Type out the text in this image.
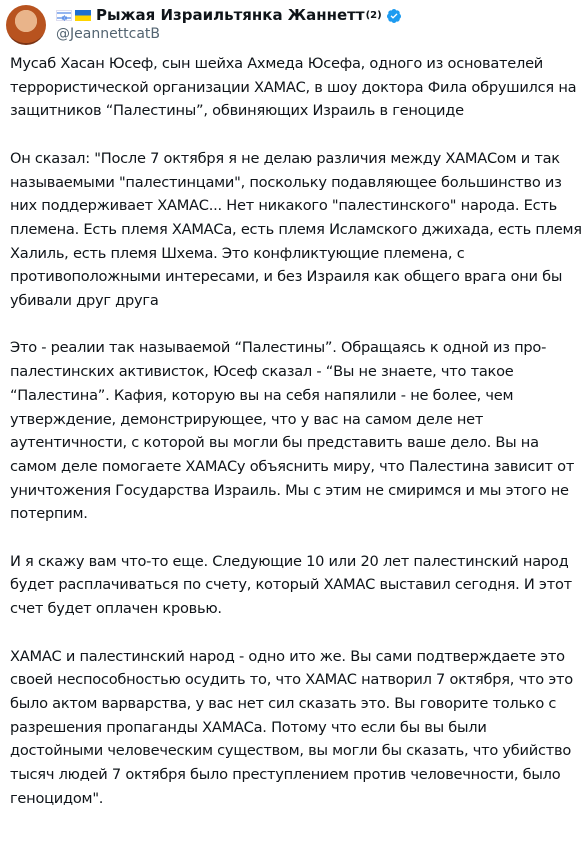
✡
Рыжая Израильтянка Жаннетт (2)
@JeannettcatB

Мусаб Хасан Юсеф, сын шейха Ахмеда Юсефа, одного из основателей террористической организации ХАМАС, в шоу доктора Фила обрушился на защитников “Палестины”, обвиняющих Израиль в геноциде

Он сказал: "После 7 октября я не делаю различия между ХАМАСом и так называемыми "палестинцами", поскольку подавляющее большинство из них поддерживает ХАМАС... Нет никакого "палестинского" народа. Есть племена. Есть племя ХАМАСа, есть племя Исламского джихада, есть племя Халиль, есть племя Шхема. Это конфликтующие племена, с противоположными интересами, и без Израиля как общего врага они бы убивали друг друга

Это - реалии так называемой “Палестины”. Обращаясь к одной из про-палестинских активисток, Юсеф сказал - “Вы не знаете, что такое “Палестина”. Кафия, которую вы на себя напялили - не более, чем утверждение, демонстрирующее, что у вас на самом деле нет аутентичности, с которой вы могли бы представить ваше дело. Вы на самом деле помогаете ХАМАСу объяснить миру, что Палестина зависит от уничтожения Государства Израиль. Мы с этим не смиримся и мы этого не потерпим.

И я скажу вам что-то еще. Следующие 10 или 20 лет палестинский народ будет расплачиваться по счету, который ХАМАС выставил сегодня. И этот счет будет оплачен кровью.

ХАМАС и палестинский народ - одно ито же. Вы сами подтверждаете это своей неспособностью осудить то, что ХАМАС натворил 7 октября, что это было актом варварства, у вас нет сил сказать это. Вы говорите только с разрешения пропаганды ХАМАСа. Потому что если бы вы были достойными человеческим существом, вы могли бы сказать, что убийство тысяч людей 7 октября было преступлением против человечности, было геноцидом".
